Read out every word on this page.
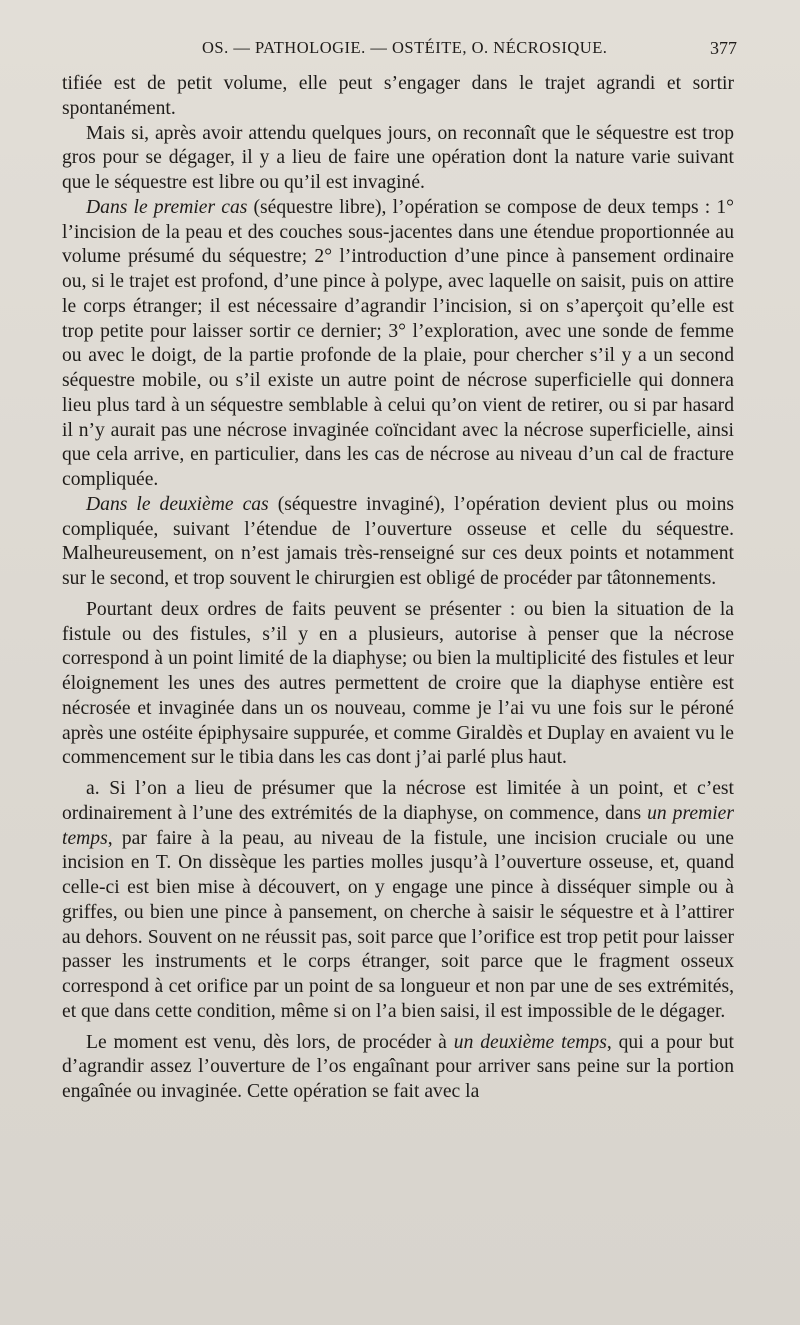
OS. — PATHOLOGIE. — OSTÉITE, O. NÉCROSIQUE.	377

tifiée est de petit volume, elle peut s’engager dans le trajet agrandi et sortir spontanément.

Mais si, après avoir attendu quelques jours, on reconnaît que le séquestre est trop gros pour se dégager, il y a lieu de faire une opération dont la nature varie suivant que le séquestre est libre ou qu’il est invaginé.

Dans le premier cas (séquestre libre), l’opération se compose de deux temps : 1° l’incision de la peau et des couches sous-jacentes dans une étendue proportionnée au volume présumé du séquestre; 2° l’introduction d’une pince à pansement ordinaire ou, si le trajet est profond, d’une pince à polype, avec laquelle on saisit, puis on attire le corps étranger; il est nécessaire d’agrandir l’incision, si on s’aperçoit qu’elle est trop petite pour laisser sortir ce dernier; 3° l’exploration, avec une sonde de femme ou avec le doigt, de la partie profonde de la plaie, pour chercher s’il y a un second séquestre mobile, ou s’il existe un autre point de nécrose superficielle qui donnera lieu plus tard à un séquestre semblable à celui qu’on vient de retirer, ou si par hasard il n’y aurait pas une nécrose invaginée coïncidant avec la nécrose superficielle, ainsi que cela arrive, en particulier, dans les cas de nécrose au niveau d’un cal de fracture compliquée.

Dans le deuxième cas (séquestre invaginé), l’opération devient plus ou moins compliquée, suivant l’étendue de l’ouverture osseuse et celle du séquestre. Malheureusement, on n’est jamais très-renseigné sur ces deux points et notamment sur le second, et trop souvent le chirurgien est obligé de procéder par tâtonnements.

Pourtant deux ordres de faits peuvent se présenter : ou bien la situation de la fistule ou des fistules, s’il y en a plusieurs, autorise à penser que la nécrose correspond à un point limité de la diaphyse; ou bien la multiplicité des fistules et leur éloignement les unes des autres permettent de croire que la diaphyse entière est nécrosée et invaginée dans un os nouveau, comme je l’ai vu une fois sur le péroné après une ostéite épiphysaire suppurée, et comme Giraldès et Duplay en avaient vu le commencement sur le tibia dans les cas dont j’ai parlé plus haut.

a. Si l’on a lieu de présumer que la nécrose est limitée à un point, et c’est ordinairement à l’une des extrémités de la diaphyse, on commence, dans un premier temps, par faire à la peau, au niveau de la fistule, une incision cruciale ou une incision en T. On dissèque les parties molles jusqu’à l’ouverture osseuse, et, quand celle-ci est bien mise à découvert, on y engage une pince à disséquer simple ou à griffes, ou bien une pince à pansement, on cherche à saisir le séquestre et à l’attirer au dehors. Souvent on ne réussit pas, soit parce que l’orifice est trop petit pour laisser passer les instruments et le corps étranger, soit parce que le fragment osseux correspond à cet orifice par un point de sa longueur et non par une de ses extrémités, et que dans cette condition, même si on l’a bien saisi, il est impossible de le dégager.

Le moment est venu, dès lors, de procéder à un deuxième temps, qui a pour but d’agrandir assez l’ouverture de l’os engaînant pour arriver sans peine sur la portion engaînée ou invaginée. Cette opération se fait avec la
